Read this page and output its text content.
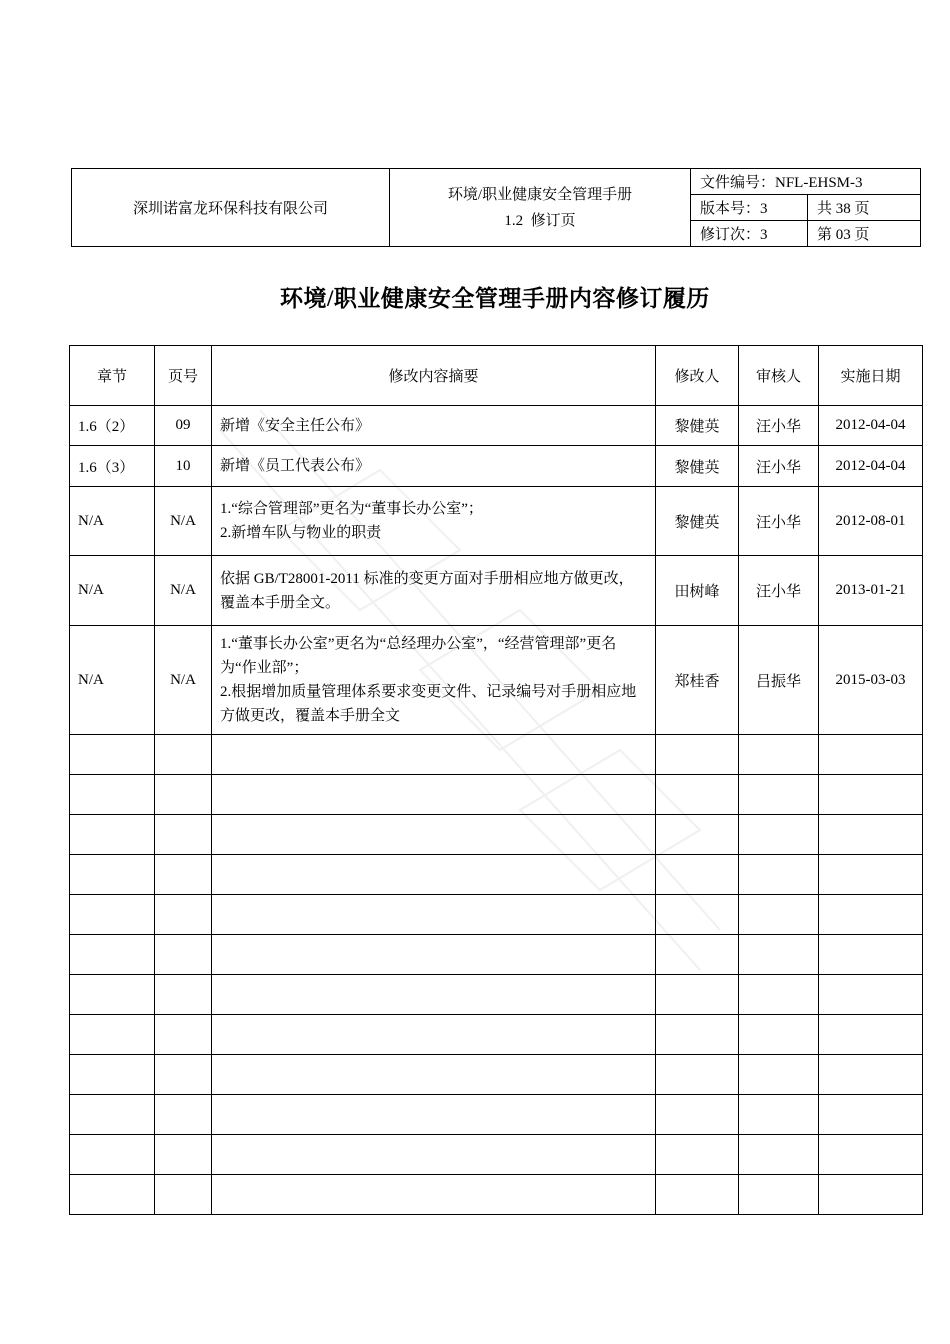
深圳诺富龙环保科技有限公司	环境/职业健康安全管理手册
1.2  修订页	文件编号：NFL-EHSM-3	
		版本号：3	共 38 页
		修订次：3	第 03 页
环境/职业健康安全管理手册内容修订履历
章节	页号	修改内容摘要	修改人	审核人	实施日期
1.6（2）	09	新增《安全主任公布》	黎健英	汪小华	2012-04-04
1.6（3）	10	新增《员工代表公布》	黎健英	汪小华	2012-04-04
N/A	N/A	1.“综合管理部”更名为“董事长办公室”；
2.新增车队与物业的职责	黎健英	汪小华	2012-08-01
N/A	N/A	依据 GB/T28001-2011 标准的变更方面对手册相应地方做更改，覆盖本手册全文。	田树峰	汪小华	2013-01-21
N/A	N/A	1.“董事长办公室”更名为“总经理办公室”，“经营管理部”更名为“作业部”；
2.根据增加质量管理体系要求变更文件、记录编号对手册相应地方做更改，覆盖本手册全文	郑桂香	吕振华	2015-03-03
